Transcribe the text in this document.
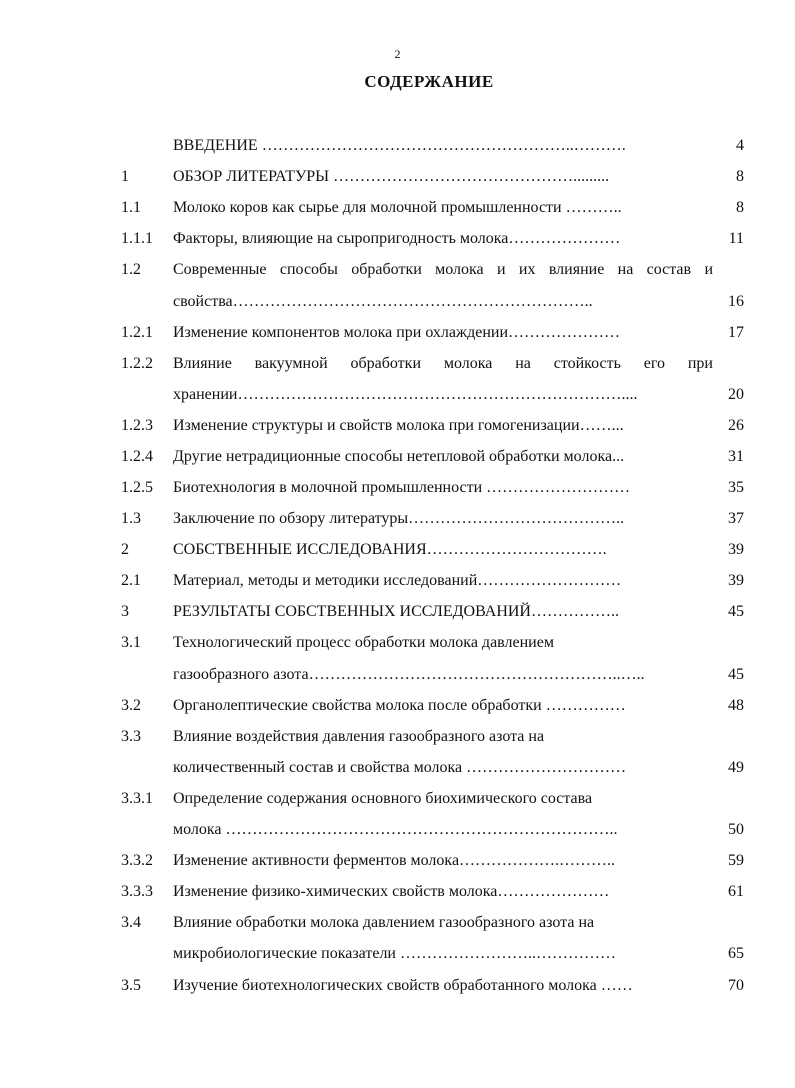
2
СОДЕРЖАНИЕ
ВВЕДЕНИЕ …………………………………………………..……….	4
1	ОБЗОР ЛИТЕРАТУРЫ ……………………………………….........	8
1.1 Молоко коров как сырье для молочной промышленности ………..	8
1.1.1 Факторы, влияющие на сыропригодность молока…………………	11
1.2 Современные способы обработки молока и их влияние на состав и
свойства…………………………………………………………..	16
1.2.1 Изменение компонентов молока при охлаждении…………………	17
1.2.2 Влияние вакуумной обработки молока на стойкость его при
хранении………………………………………………………………....	20
1.2.3 Изменение структуры и свойств молока при гомогенизации……...	26
1.2.4 Другие нетрадиционные способы нетепловой обработки молока...	31
1.2.5 Биотехнология в молочной промышленности ………………………	35
1.3 Заключение по обзору литературы…………………………………..	37
2	СОБСТВЕННЫЕ ИССЛЕДОВАНИЯ…………………………….	39
2.1 Материал, методы и методики исследований………………………	39
3	РЕЗУЛЬТАТЫ СОБСТВЕННЫХ ИССЛЕДОВАНИЙ……………..	45
3.1 Технологический процесс обработки молока давлением
газообразного азота…………………………………………………..…..	45
3.2 Органолептические свойства молока после обработки ……………	48
3.3 Влияние воздействия давления газообразного азота на
количественный состав и свойства молока …………………………	49
3.3.1 Определение содержания основного биохимического состава
молока ………………………………………………………………..	50
3.3.2 Изменение активности ферментов молока……………….………..	59
3.3.3 Изменение физико-химических свойств молока…………………	61
3.4 Влияние обработки молока давлением газообразного азота на
микробиологические показатели ……………………..……………	65
3.5 Изучение биотехнологических свойств обработанного молока ……	70
